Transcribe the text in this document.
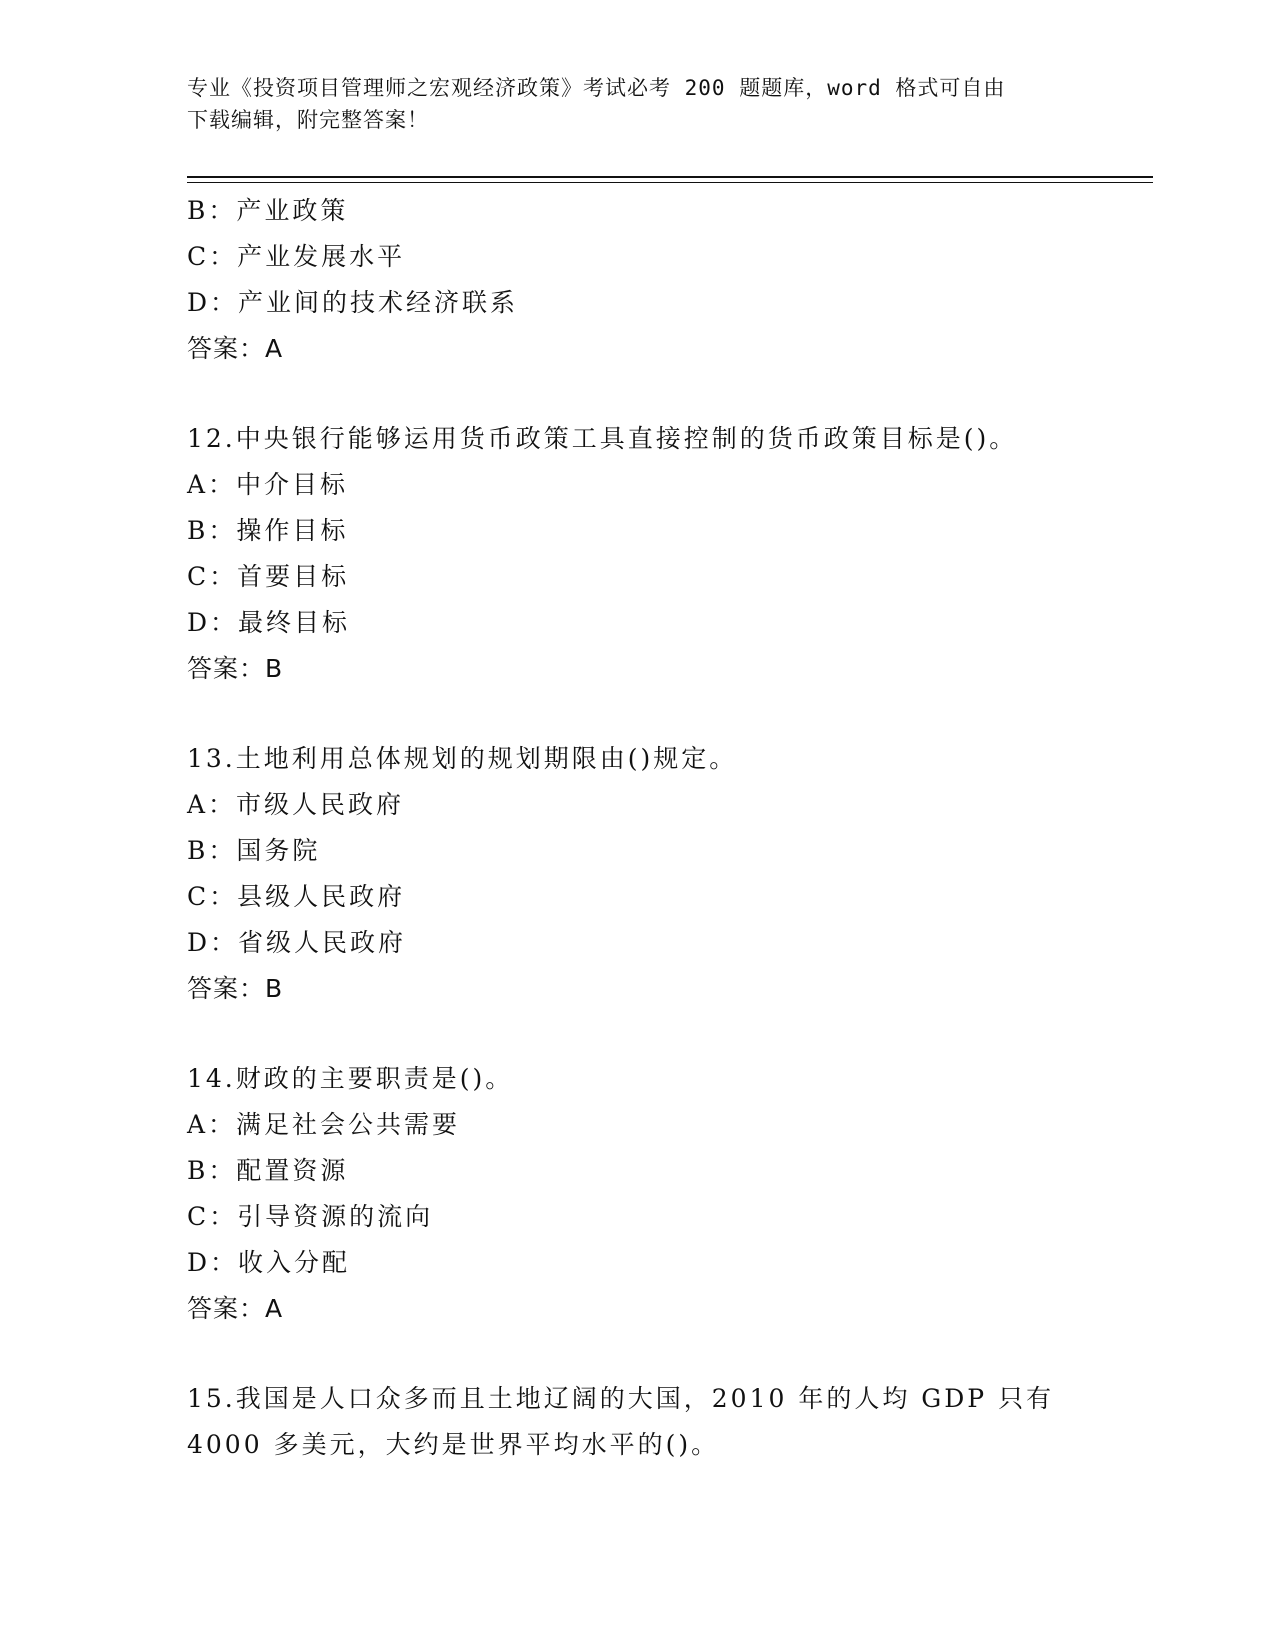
专业《投资项目管理师之宏观经济政策》考试必考 200 题题库，word 格式可自由
下载编辑，附完整答案！
B：产业政策
C：产业发展水平
D：产业间的技术经济联系
答案：A
12.中央银行能够运用货币政策工具直接控制的货币政策目标是()。
A：中介目标
B：操作目标
C：首要目标
D：最终目标
答案：B
13.土地利用总体规划的规划期限由()规定。
A：市级人民政府
B：国务院
C：县级人民政府
D：省级人民政府
答案：B
14.财政的主要职责是()。
A：满足社会公共需要
B：配置资源
C：引导资源的流向
D：收入分配
答案：A
15.我国是人口众多而且土地辽阔的大国，2010 年的人均 GDP 只有
4000 多美元，大约是世界平均水平的()。
